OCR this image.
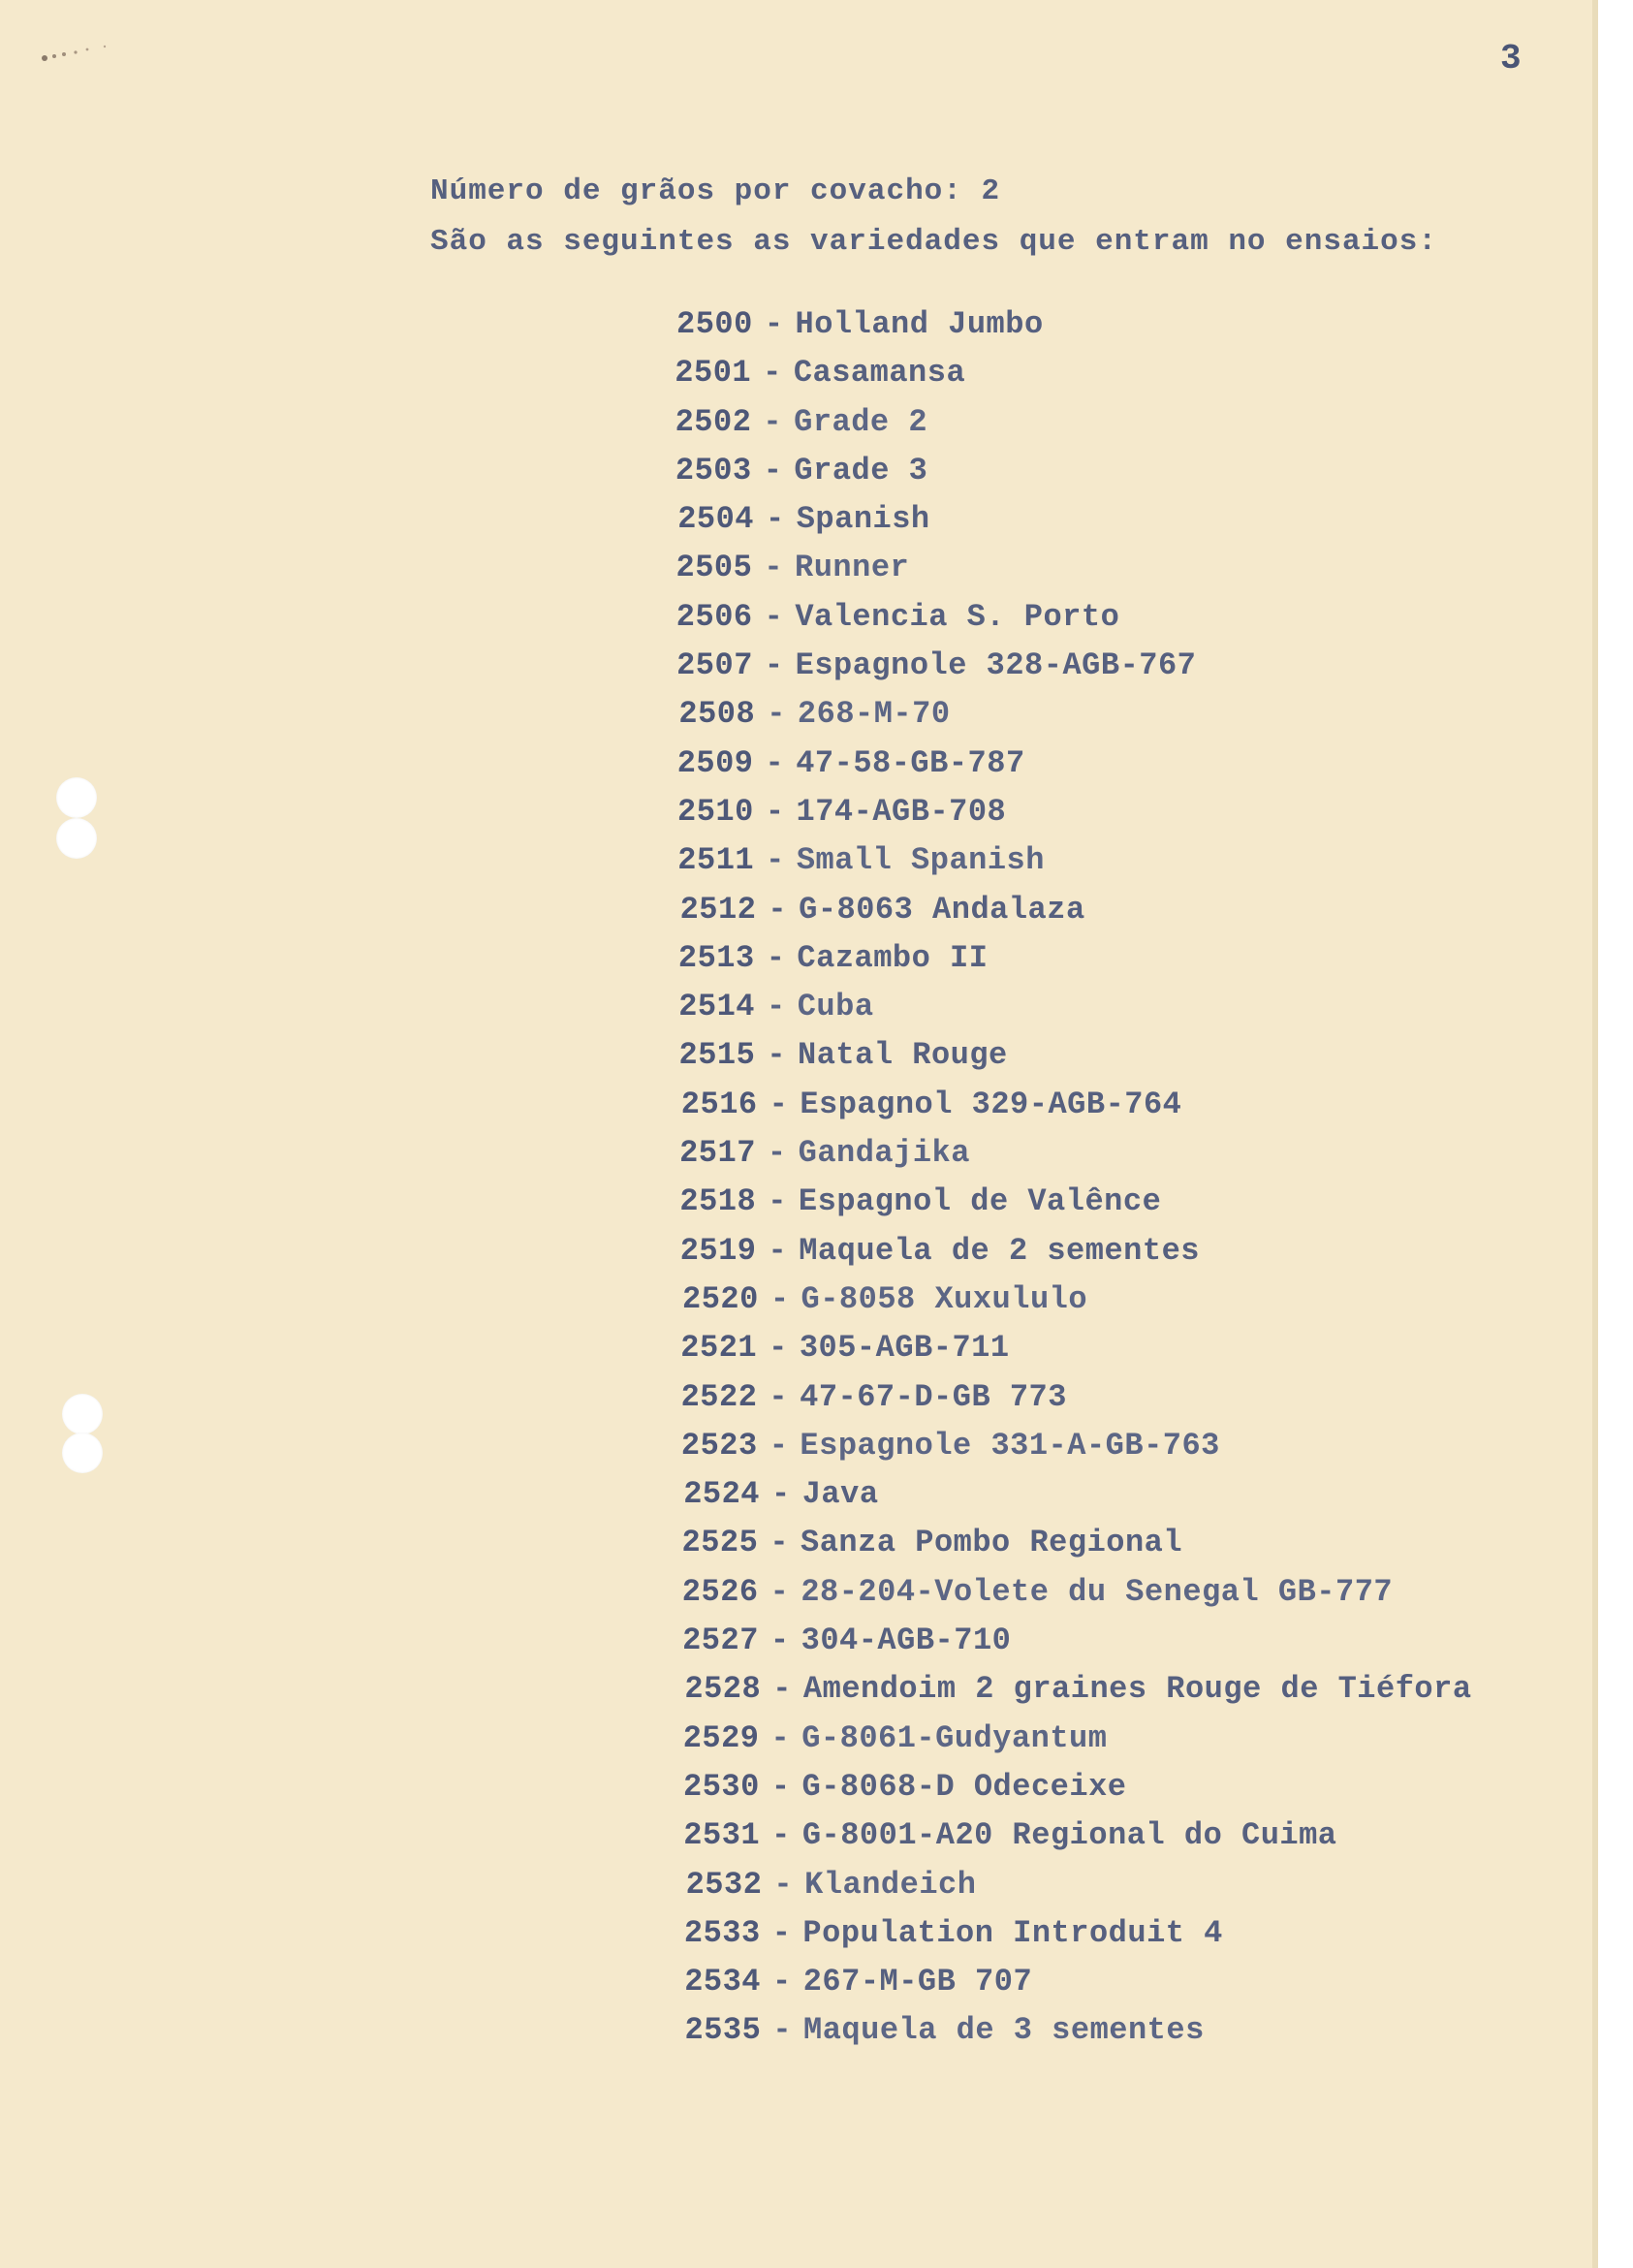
3
Número de grãos por covacho: 2
São as seguintes as variedades que entram no ensaios:
2500 - Holland Jumbo
2501 - Casamansa
2502 - Grade 2
2503 - Grade 3
2504 - Spanish
2505 - Runner
2506 - Valencia S. Porto
2507 - Espagnole 328-AGB-767
2508 - 268-M-70
2509 - 47-58-GB-787
2510 - 174-AGB-708
2511 - Small Spanish
2512 - G-8063 Andalaza
2513 - Cazambo II
2514 - Cuba
2515 - Natal Rouge
2516 - Espagnol 329-AGB-764
2517 - Gandajika
2518 - Espagnol de Valênce
2519 - Maquela de 2 sementes
2520 - G-8058 Xuxululo
2521 - 305-AGB-711
2522 - 47-67-D-GB 773
2523 - Espagnole 331-A-GB-763
2524 - Java
2525 - Sanza Pombo Regional
2526 - 28-204-Volete du Senegal GB-777
2527 - 304-AGB-710
2528 - Amendoim 2 graines Rouge de Tiéfora
2529 - G-8061-Gudyantum
2530 - G-8068-D Odeceixe
2531 - G-8001-A20 Regional do Cuima
2532 - Klandeich
2533 - Population Introduit 4
2534 - 267-M-GB 707
2535 - Maquela de 3 sementes
